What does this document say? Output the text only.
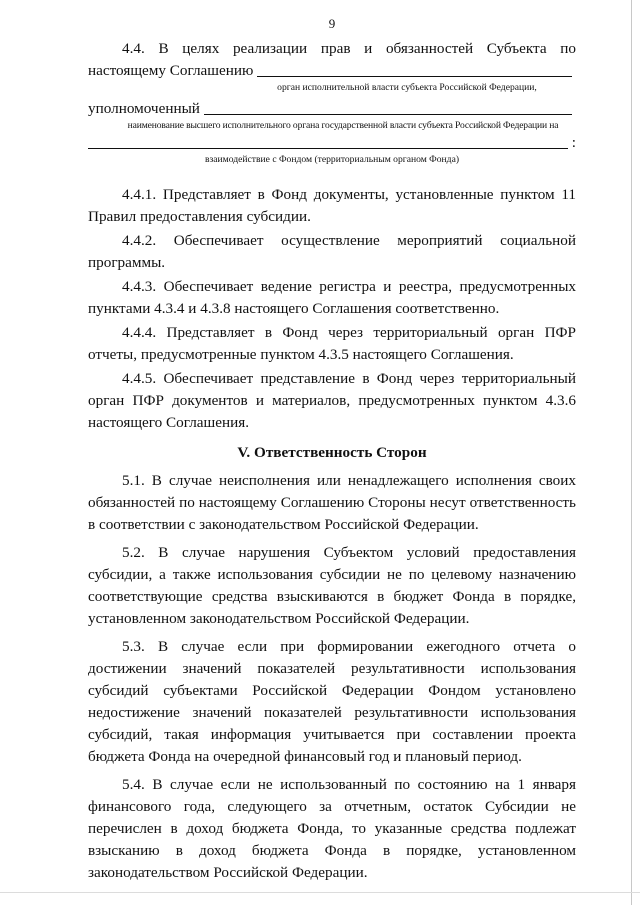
9

4.4. В целях реализации прав и обязанностей Субъекта по

настоящему Соглашению
орган исполнительной власти субъекта Российской Федерации,
уполномоченный
наименование высшего исполнительного органа государственной власти субъекта Российской Федерации на
:
взаимодействие с Фондом (территориальным органом Фонда)

4.4.1. Представляет в Фонд документы, установленные пунктом 11 Правил предоставления субсидии.

4.4.2. Обеспечивает осуществление мероприятий социальной программы.

4.4.3. Обеспечивает ведение регистра и реестра, предусмотренных пунктами 4.3.4 и 4.3.8 настоящего Соглашения соответственно.

4.4.4. Представляет в Фонд через территориальный орган ПФР отчеты, предусмотренные пунктом 4.3.5 настоящего Соглашения.

4.4.5. Обеспечивает представление в Фонд через территориальный орган ПФР документов и материалов, предусмотренных пунктом 4.3.6 настоящего Соглашения.

V. Ответственность Сторон

5.1. В случае неисполнения или ненадлежащего исполнения своих обязанностей по настоящему Соглашению Стороны несут ответственность в соответствии с законодательством Российской Федерации.

5.2. В случае нарушения Субъектом условий предоставления субсидии, а также использования субсидии не по целевому назначению соответствующие средства взыскиваются в бюджет Фонда в порядке, установленном законодательством Российской Федерации.

5.3. В случае если при формировании ежегодного отчета о достижении значений показателей результативности использования субсидий субъектами Российской Федерации Фондом установлено недостижение значений показателей результативности использования субсидий, такая информация учитывается при составлении проекта бюджета Фонда на очередной финансовый год и плановый период.

5.4. В случае если не использованный по состоянию на 1 января финансового года, следующего за отчетным, остаток Субсидии не перечислен в доход бюджета Фонда, то указанные средства подлежат взысканию в доход бюджета Фонда в порядке, установленном законодательством Российской Федерации.
